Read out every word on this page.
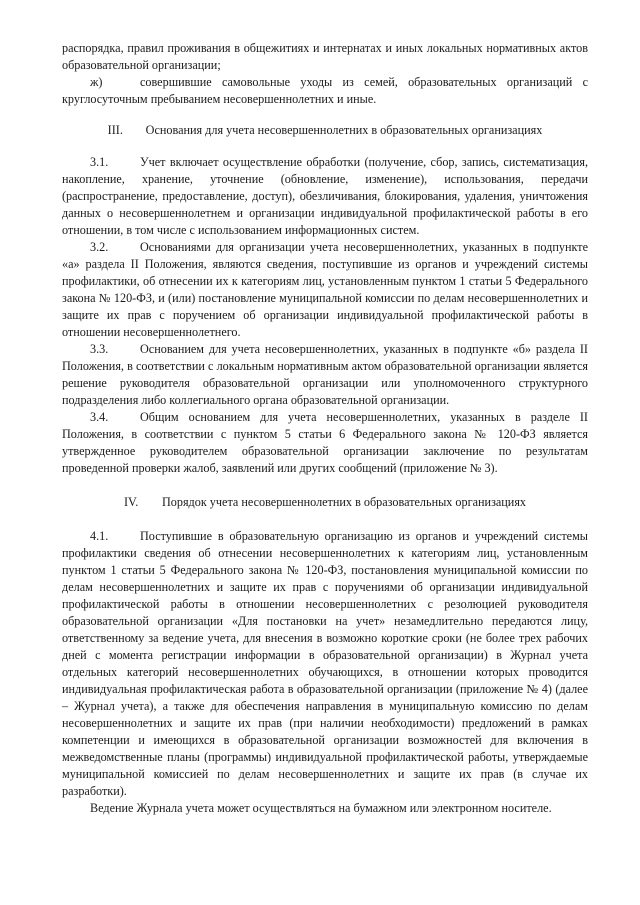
распорядка, правил проживания в общежитиях и интернатах и иных локальных нормативных актов образовательной организации;

ж)	совершившие самовольные уходы из семей, образовательных организаций с круглосуточным пребыванием несовершеннолетних и иные.

III. Основания для учета несовершеннолетних в образовательных организациях

3.1.	Учет включает осуществление обработки (получение, сбор, запись, систематизация, накопление, хранение, уточнение (обновление, изменение), использования, передачи (распространение, предоставление, доступ), обезличивания, блокирования, удаления, уничтожения данных о несовершеннолетнем и организации индивидуальной профилактической работы в его отношении, в том числе с использованием информационных систем.

3.2.	Основаниями для организации учета несовершеннолетних, указанных в подпункте «а» раздела II Положения, являются сведения, поступившие из органов и учреждений системы профилактики, об отнесении их к категориям лиц, установленным пунктом 1 статьи 5 Федерального закона № 120-ФЗ, и (или) постановление муниципальной комиссии по делам несовершеннолетних и защите их прав с поручением об организации индивидуальной профилактической работы в отношении несовершеннолетнего.

3.3.	Основанием для учета несовершеннолетних, указанных в подпункте «б» раздела II Положения, в соответствии с локальным нормативным актом образовательной организации является решение руководителя образовательной организации или уполномоченного структурного подразделения либо коллегиального органа образовательной организации.

3.4.	Общим основанием для учета несовершеннолетних, указанных в разделе II Положения, в соответствии с пунктом 5 статьи 6 Федерального закона № 120-ФЗ является утвержденное руководителем образовательной организации заключение по результатам проведенной проверки жалоб, заявлений или других сообщений (приложение № 3).

IV. Порядок учета несовершеннолетних в образовательных организациях

4.1.	Поступившие в образовательную организацию из органов и учреждений системы профилактики сведения об отнесении несовершеннолетних к категориям лиц, установленным пунктом 1 статьи 5 Федерального закона № 120-ФЗ, постановления муниципальной комиссии по делам несовершеннолетних и защите их прав с поручениями об организации индивидуальной профилактической работы в отношении несовершеннолетних с резолюцией руководителя образовательной организации «Для постановки на учет» незамедлительно передаются лицу, ответственному за ведение учета, для внесения в возможно короткие сроки (не более трех рабочих дней с момента регистрации информации в образовательной организации) в Журнал учета отдельных категорий несовершеннолетних обучающихся, в отношении которых проводится индивидуальная профилактическая работа в образовательной организации (приложение № 4) (далее – Журнал учета), а также для обеспечения направления в муниципальную комиссию по делам несовершеннолетних и защите их прав (при наличии необходимости) предложений в рамках компетенции и имеющихся в образовательной организации возможностей для включения в межведомственные планы (программы) индивидуальной профилактической работы, утверждаемые муниципальной комиссией по делам несовершеннолетних и защите их прав (в случае их разработки).

Ведение Журнала учета может осуществляться на бумажном или электронном носителе.
